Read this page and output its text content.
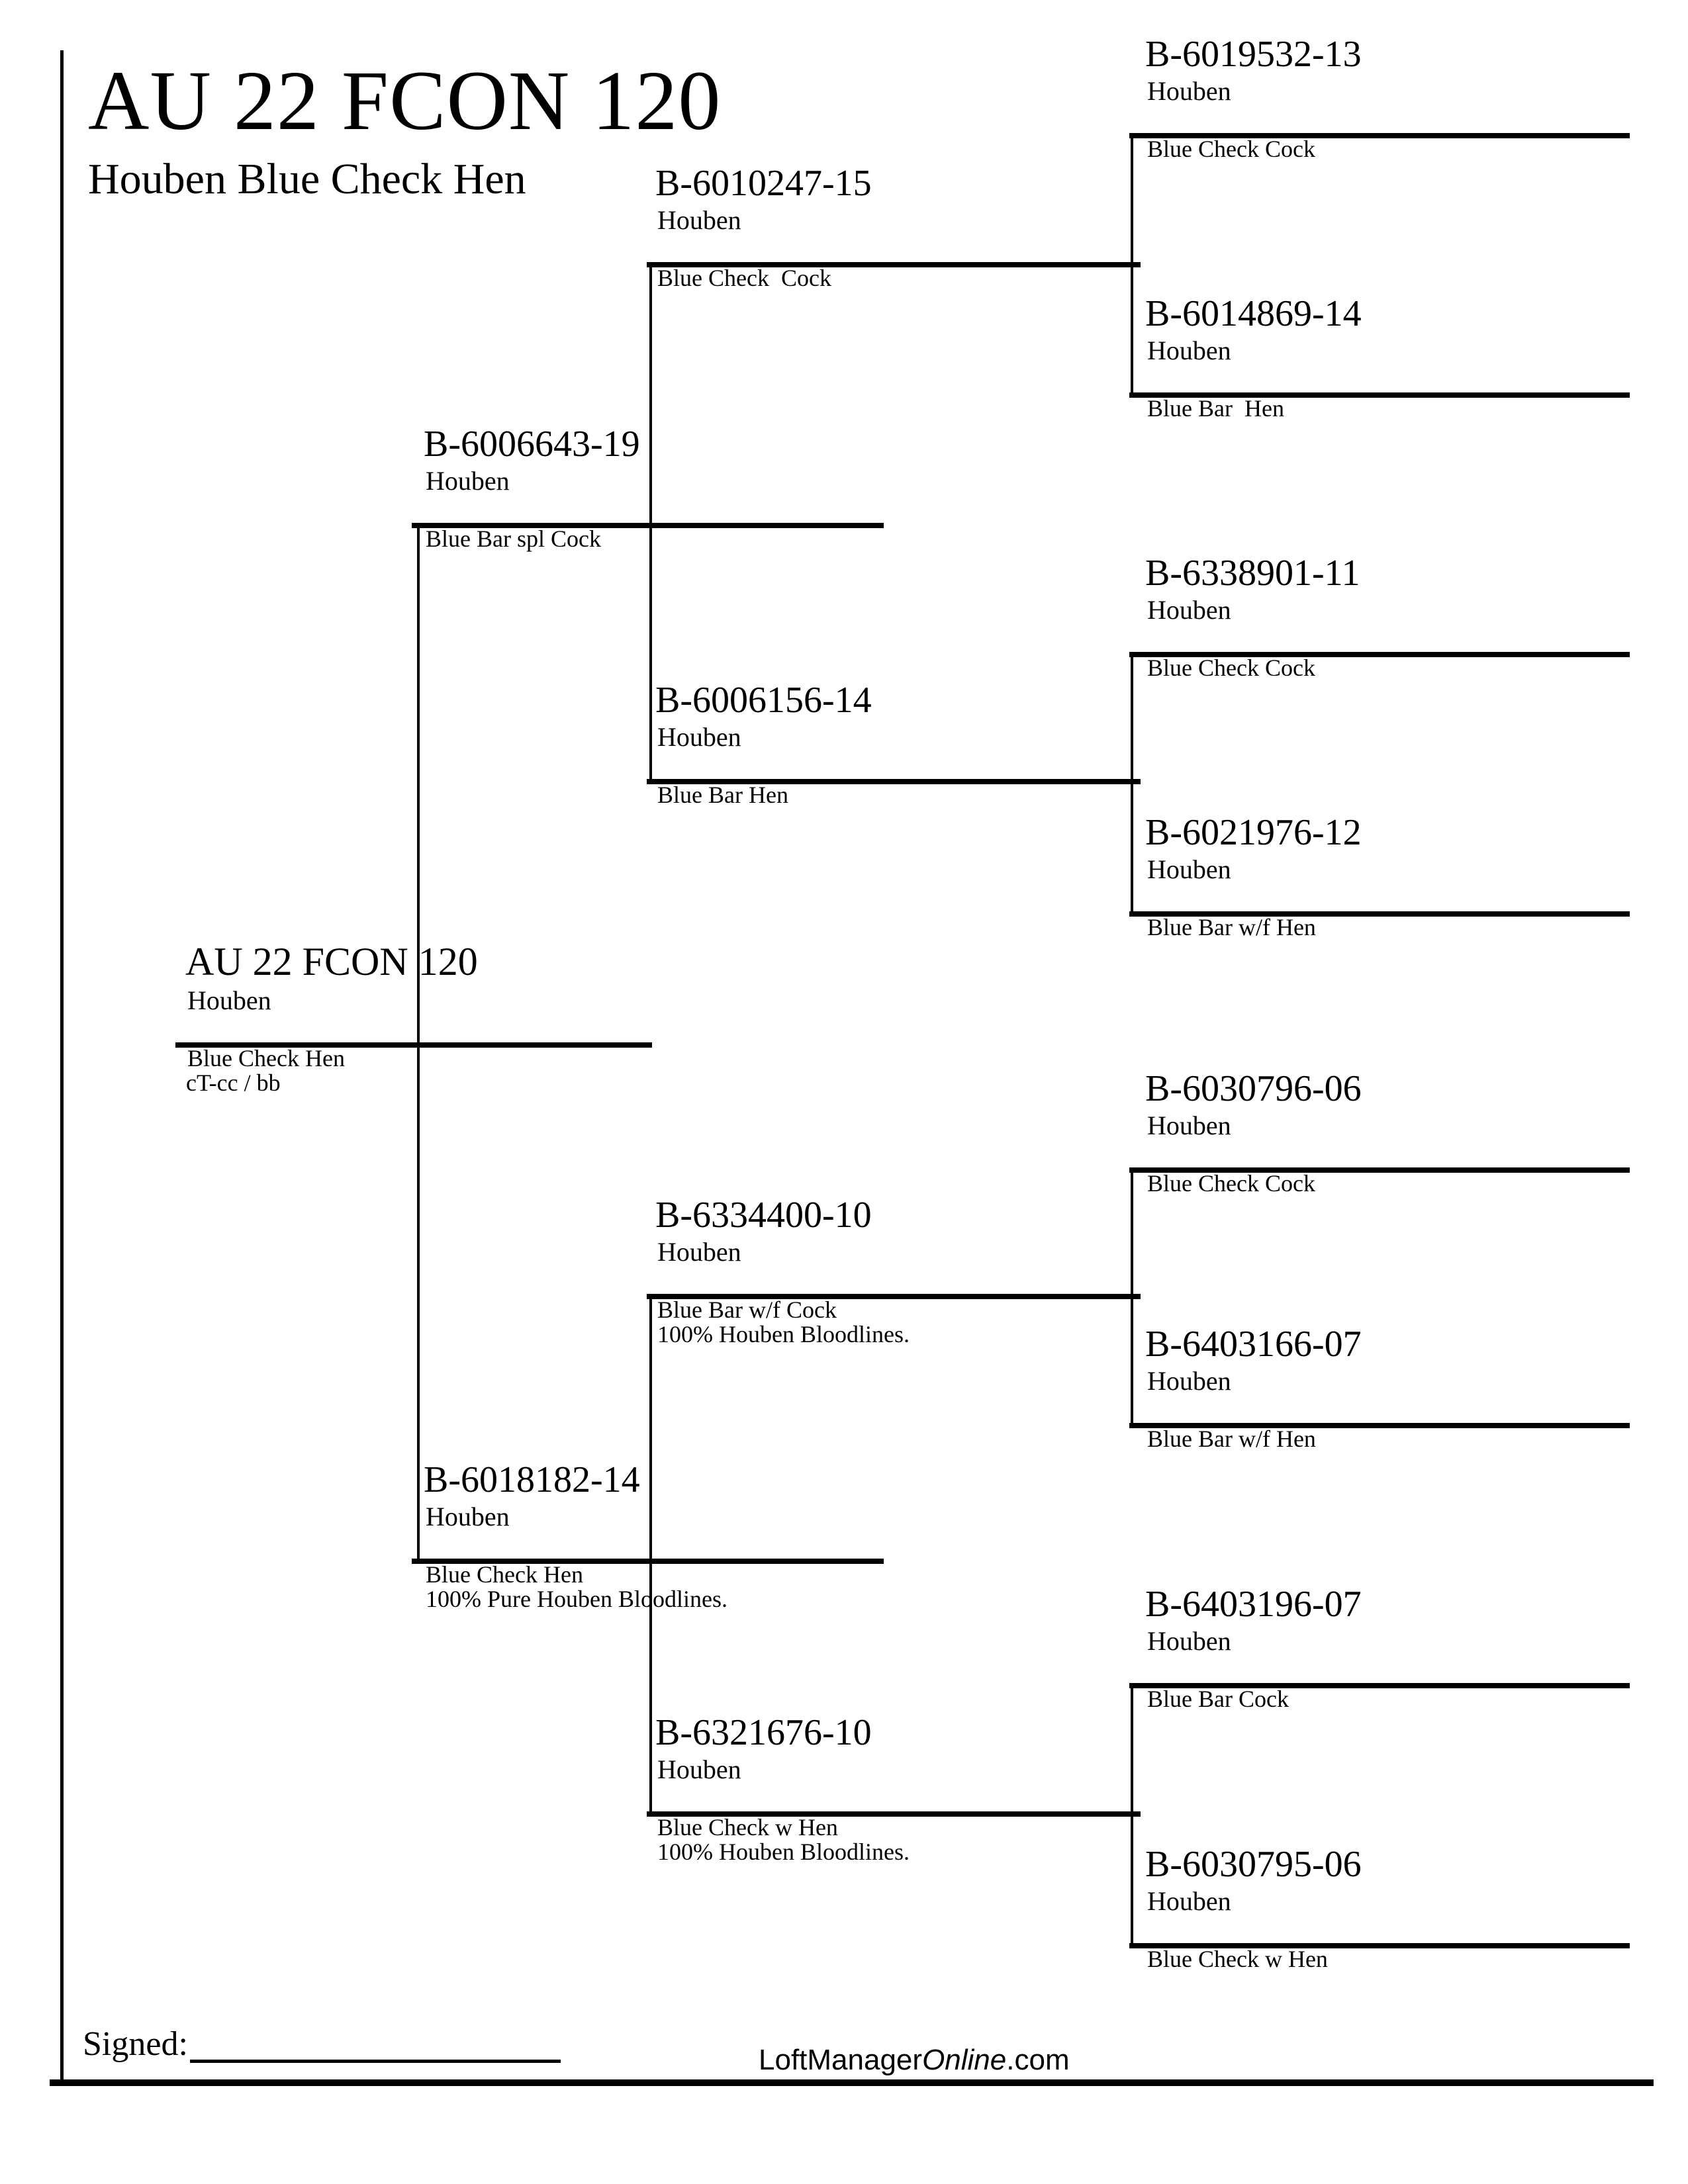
AU 22 FCON 120
Houben Blue Check Hen
AU 22 FCON 120
Houben
Blue Check Hen
cT-cc / bb
B-6006643-19
Houben
Blue Bar spl Cock
B-6018182-14
Houben
Blue Check Hen
100% Pure Houben Bloodlines.
B-6010247-15
Houben
Blue Check  Cock
B-6006156-14
Houben
Blue Bar Hen
B-6334400-10
Houben
Blue Bar w/f Cock
100% Houben Bloodlines.
B-6321676-10
Houben
Blue Check w Hen
100% Houben Bloodlines.
B-6019532-13
Houben
Blue Check Cock
B-6014869-14
Houben
Blue Bar  Hen
B-6338901-11
Houben
Blue Check Cock
B-6021976-12
Houben
Blue Bar w/f Hen
B-6030796-06
Houben
Blue Check Cock
B-6403166-07
Houben
Blue Bar w/f Hen
B-6403196-07
Houben
Blue Bar Cock
B-6030795-06
Houben
Blue Check w Hen
Signed:	LoftManagerOnline.com
